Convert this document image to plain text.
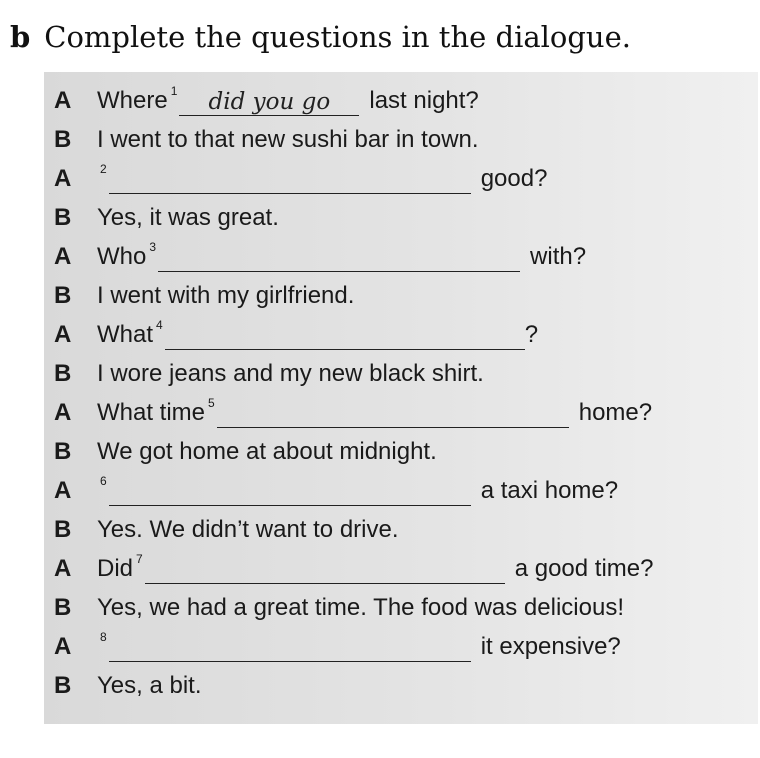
b Complete the questions in the dialogue.
A	Where $^1$	did you go	last night?
B	I went to that new sushi bar in town.
A	$^2$	good?
B	Yes, it was great.
A	Who $^3$	with?
B	I went with my girlfriend.
A	What $^4$	?
B	I wore jeans and my new black shirt.
A	What time $^5$	home?
B	We got home at about midnight.
A	$^6$	a taxi home?
B	Yes. We didn’t want to drive.
A	Did $^7$	a good time?
B	Yes, we had a great time. The food was delicious!
A	$^8$	it expensive?
B	Yes, a bit.
